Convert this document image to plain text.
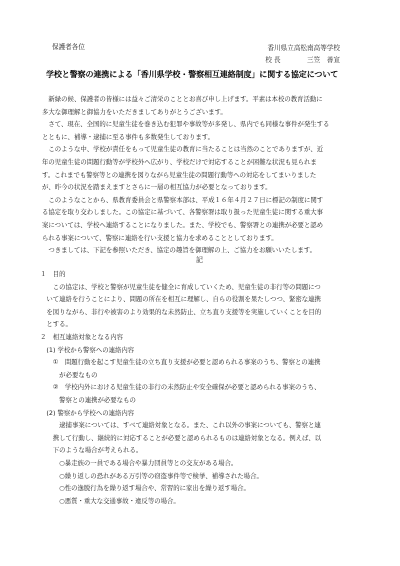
保護者各位	香川県立高松南高等学校

校 長　　　　	三笠　善宣

学校と警察の連携による「香川県学校・警察相互連絡制度」に関する協定について

　新緑の候、保護者の皆様には益々ご清栄のこととお喜び申し上げます。平素は本校の教育活動に
多大な御理解と御協力をいただきましてありがとうございます。
　さて、現在、全国的に児童生徒を巻き込む犯罪や事故等が多発し、県内でも同様な事件が発生する
とともに、補導・逮捕に至る事件も多数発生しております。
　このような中、学校が責任をもって児童生徒の教育に当たることは当然のことでありますが、近
年の児童生徒の問題行動等が学校外へ広がり、学校だけで対応することが困難な状況も見られま
す。これまでも警察等との連携を図りながら児童生徒の問題行動等への対応をしてまいりました
が、昨今の状況を踏まえますとさらに一層の相互協力が必要となっております。
　このようなことから、県教育委員会と県警察本部は、平成１６年４月２７日に標記の制度に関す
る協定を取り交わしました。この協定に基づいて、各警察署は取り扱った児童生徒に関する重大事
案については、学校へ連絡することになりました。また、学校でも、警察署との連携が必要と認め
られる事案について、警察に連絡を行い支援と協力を求めることとしております。
　つきましては、下記を参照いただき、協定の趣旨を御理解の上、ご協力をお願いいたします。

記

１　目的
　　この協定は、学校と警察が児童生徒を健全に育成していくため、児童生徒の非行等の問題につ
　いて連絡を行うことにより、問題の所在を相互に理解し、自らの役割を果たしつつ、緊密な連携
　を図りながら、非行や被害のより効果的な未然防止、立ち直り支援等を実施していくことを目的
　とする。
２　相互連絡対象となる内容
　(1) 学校から警察への連絡内容
　　①　問題行動を起こす児童生徒の立ち直り支援が必要と認められる事案のうち、警察との連携
　　　が必要なもの
　　②　学校内外における児童生徒の非行の未然防止や安全確保が必要と認められる事案のうち、
　　　警察との連携が必要なもの
　(2) 警察から学校への連絡内容
　　　逮捕事案については、すべて連絡対象となる。また、これ以外の事案についても、警察と連
　　携して行動し、継続的に対応することが必要と認められるものは連絡対象となる。例えば、以
　　下のような場合が考えられる。
　　　○暴走族の一員である場合や暴力団員等との交友がある場合。
　　　○繰り返しの恐れがある万引等の窃盗事件等で検挙、補導された場合。
　　　○性の逸脱行為を繰り返す場合や、常習的に家出を繰り返す場合。
　　　○悪質・重大な交通事故・違反等の場合。
